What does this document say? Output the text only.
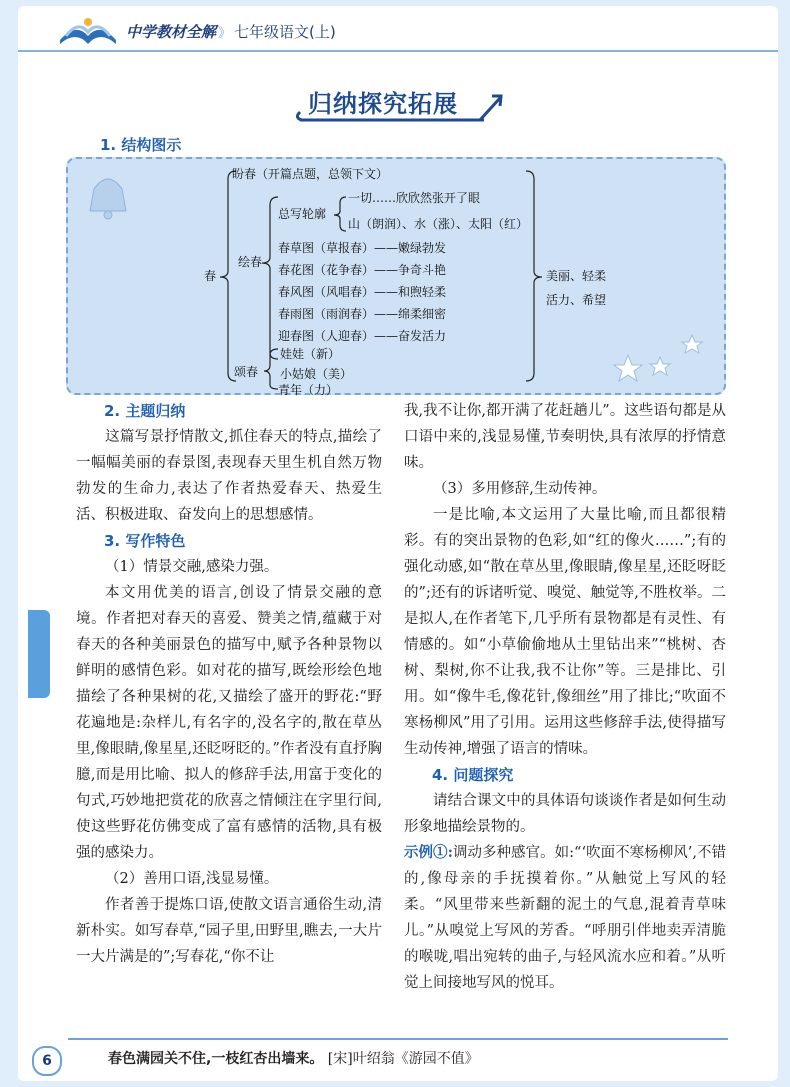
中学教材全解 》 七年级语文(上)
归纳探究拓展
1. 结构图示
盼春（开篇点题，总领下文）
春
绘春
总写轮廓
一切……欣欣然张开了眼
山（朗润）、水（涨）、太阳（红）
春草图（草报春）——嫩绿勃发
春花图（花争春）——争奇斗艳
春风图（风唱春）——和煦轻柔
春雨图（雨润春）——绵柔细密
迎春图（人迎春）——奋发活力
美丽、轻柔
活力、希望
颂春
娃娃（新）
小姑娘（美）
2. 主题归纳

这篇写景抒情散文,抓住春天的特点,描绘了一幅幅美丽的春景图,表现春天里生机自然万物勃发的生命力,表达了作者热爱春天、热爱生活、积极进取、奋发向上的思想感情。

3. 写作特色

（1）情景交融,感染力强。

本文用优美的语言,创设了情景交融的意境。作者把对春天的喜爱、赞美之情,蕴藏于对春天的各种美丽景色的描写中,赋予各种景物以鲜明的感情色彩。如对花的描写,既绘形绘色地描绘了各种果树的花,又描绘了盛开的野花:“野花遍地是:杂样儿,有名字的,没名字的,散在草丛里,像眼睛,像星星,还眨呀眨的。”作者没有直抒胸臆,而是用比喻、拟人的修辞手法,用富于变化的句式,巧妙地把赏花的欣喜之情倾注在字里行间,使这些野花仿佛变成了富有感情的活物,具有极强的感染力。

（2）善用口语,浅显易懂。

作者善于提炼口语,使散文语言通俗生动,清新朴实。如写春草,“园子里,田野里,瞧去,一大片一大片满是的”;写春花,“你不让

我,我不让你,都开满了花赶趟儿”。这些语句都是从口语中来的,浅显易懂,节奏明快,具有浓厚的抒情意味。

（3）多用修辞,生动传神。

一是比喻,本文运用了大量比喻,而且都很精彩。有的突出景物的色彩,如“红的像火……”;有的强化动感,如“散在草丛里,像眼睛,像星星,还眨呀眨的”;还有的诉诸听觉、嗅觉、触觉等,不胜枚举。二是拟人,在作者笔下,几乎所有景物都是有灵性、有情感的。如“小草偷偷地从土里钻出来”“桃树、杏树、梨树,你不让我,我不让你”等。三是排比、引用。如“像牛毛,像花针,像细丝”用了排比;“吹面不寒杨柳风”用了引用。运用这些修辞手法,使得描写生动传神,增强了语言的情味。

4. 问题探究

请结合课文中的具体语句谈谈作者是如何生动形象地描绘景物的。

示例①:调动多种感官。如:“‘吹面不寒杨柳风’,不错的,像母亲的手抚摸着你。”从触觉上写风的轻柔。“风里带来些新翻的泥土的气息,混着青草味儿。”从嗅觉上写风的芳香。“呼朋引伴地卖弄清脆的喉咙,唱出宛转的曲子,与轻风流水应和着。”从听觉上间接地写风的悦耳。

6	春色满园关不住,一枝红杏出墙来。 [宋]叶绍翁《游园不值》
青年（力）
